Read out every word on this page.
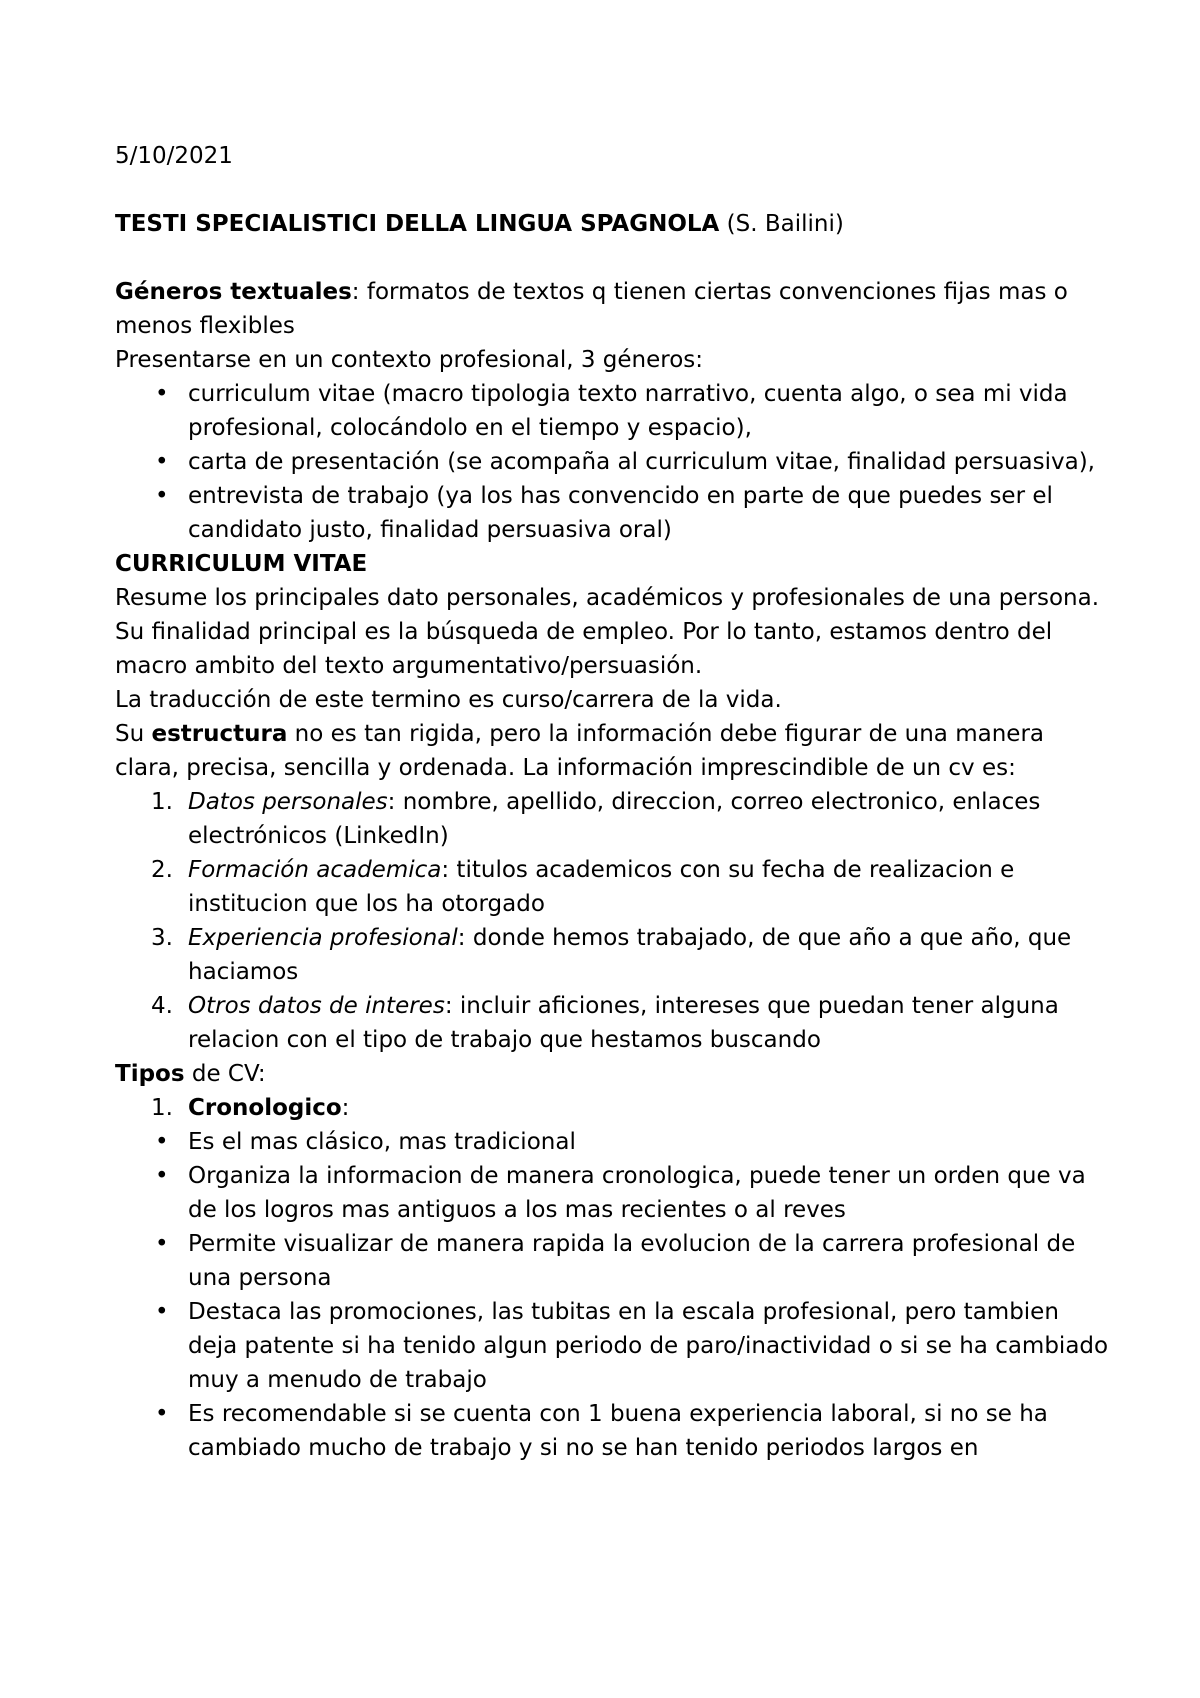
5/10/2021

TESTI SPECIALISTICI DELLA LINGUA SPAGNOLA (S. Bailini)

Géneros textuales: formatos de textos q tienen ciertas convenciones fijas mas o menos flexibles

Presentarse en un contexto profesional, 3 géneros:

• curriculum vitae (macro tipologia texto narrativo, cuenta algo, o sea mi vida profesional, colocándolo en el tiempo y espacio),
• carta de presentación (se acompaña al curriculum vitae, finalidad persuasiva),
• entrevista de trabajo (ya los has convencido en parte de que puedes ser el candidato justo, finalidad persuasiva oral)

CURRICULUM VITAE

Resume los principales dato personales, académicos y profesionales de una persona.

Su finalidad principal es la búsqueda de empleo. Por lo tanto, estamos dentro del macro ambito del texto argumentativo/persuasión.

La traducción de este termino es curso/carrera de la vida.

Su estructura no es tan rigida, pero la información debe figurar de una manera clara, precisa, sencilla y ordenada. La información imprescindible de un cv es:

1. Datos personales: nombre, apellido, direccion, correo electronico, enlaces electrónicos (LinkedIn)
2. Formación academica: titulos academicos con su fecha de realizacion e institucion que los ha otorgado
3. Experiencia profesional: donde hemos trabajado, de que año a que año, que haciamos
4. Otros datos de interes: incluir aficiones, intereses que puedan tener alguna relacion con el tipo de trabajo que hestamos buscando

Tipos de CV:

1. Cronologico:
• Es el mas clásico, mas tradicional
• Organiza la informacion de manera cronologica, puede tener un orden que va de los logros mas antiguos a los mas recientes o al reves
• Permite visualizar de manera rapida la evolucion de la carrera profesional de una persona
• Destaca las promociones, las tubitas en la escala profesional, pero tambien deja patente si ha tenido algun periodo de paro/inactividad o si se ha cambiado muy a menudo de trabajo
• Es recomendable si se cuenta con 1 buena experiencia laboral, si no se ha cambiado mucho de trabajo y si no se han tenido periodos largos en
